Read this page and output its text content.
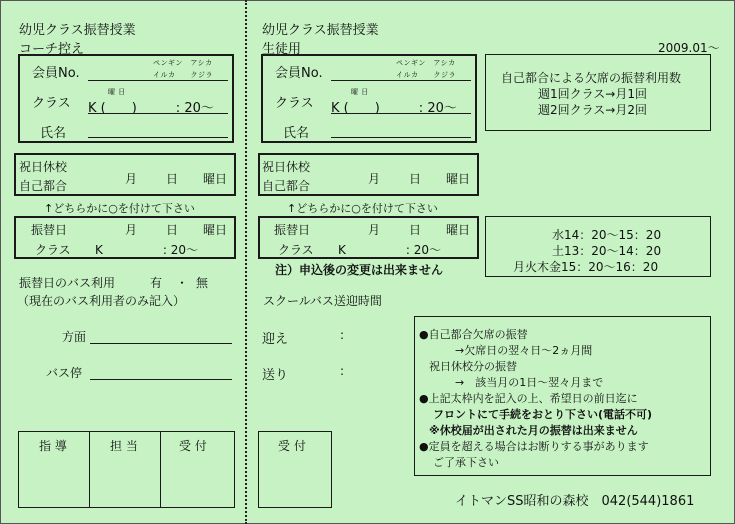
幼児クラス振替授業
コーチ控え
会員No.
ペンギン　アシカ
イルカ　　クジラ
曜 日
クラス K (　　)　　　: 20～
氏名
祝日休校
自己都合	月 日 曜日
↑どちらかに○を付けて下さい
振替日	月 日 曜日
クラス K　　　　　: 20～
振替日のバス利用	有 ・ 無
（現在のバス利用者のみ記入）
方面
バス停
指 導	担 当	受 付
幼児クラス振替授業
生徒用	2009.01～
会員No.
ペンギン　アシカ
イルカ　　クジラ
曜 日
クラス K (　　)　　　: 20～
氏名
自己都合による欠席の振替利用数
週1回クラス→月1回
週2回クラス→月2回
祝日休校
自己都合	月 日 曜日
↑どちらかに○を付けて下さい
振替日	月 日 曜日
クラス K　　　　　: 20～
水14：20～15：20
土13：20～14：20
月火木金15：20～16：20
注）申込後の変更は出来ません
スクールバス送迎時間
迎え	:
送り	:
●自己都合欠席の振替
→欠席日の翌々日～2ヵ月間
祝日休校分の振替
→　該当月の1日～翌々月まで
●上記太枠内を記入の上、希望日の前日迄に
フロントにて手続をおとり下さい(電話不可)
※休校届が出された月の振替は出来ません
●定員を超える場合はお断りする事があります
ご了承下さい
受 付
イトマンSS昭和の森校　042(544)1861
